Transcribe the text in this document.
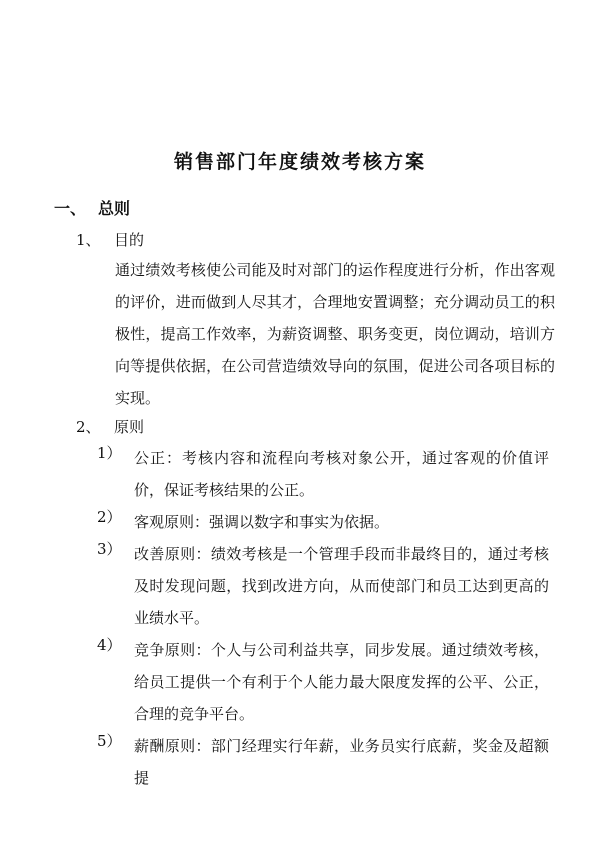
销售部门年度绩效考核方案
一、 总则
1、 目的
通过绩效考核使公司能及时对部门的运作程度进行分析，作出客观的评价，进而做到人尽其才，合理地安置调整；充分调动员工的积极性，提高工作效率，为薪资调整、职务变更，岗位调动，培训方向等提供依据，在公司营造绩效导向的氛围，促进公司各项目标的实现。
2、 原则
1） 公正：考核内容和流程向考核对象公开，通过客观的价值评价，保证考核结果的公正。
2） 客观原则：强调以数字和事实为依据。
3） 改善原则：绩效考核是一个管理手段而非最终目的，通过考核及时发现问题，找到改进方向，从而使部门和员工达到更高的业绩水平。
4） 竞争原则：个人与公司利益共享，同步发展。通过绩效考核，给员工提供一个有利于个人能力最大限度发挥的公平、公正，合理的竞争平台。
5） 薪酬原则：部门经理实行年薪，业务员实行底薪，奖金及超额提
